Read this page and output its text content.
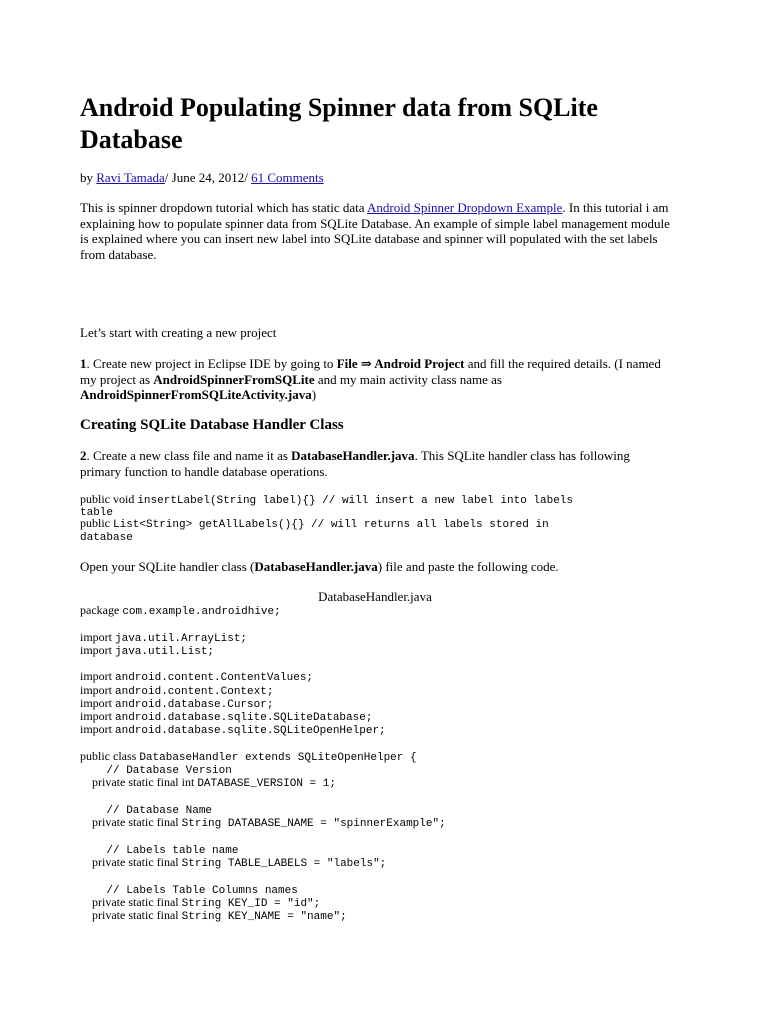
Android Populating Spinner data from SQLite Database
by Ravi Tamada/ June 24, 2012/ 61 Comments
This is spinner dropdown tutorial which has static data Android Spinner Dropdown Example. In this tutorial i am explaining how to populate spinner data from SQLite Database. An example of simple label management module is explained where you can insert new label into SQLite database and spinner will populated with the set labels from database.
Let’s start with creating a new project
1. Create new project in Eclipse IDE by going to File ⇒ Android Project and fill the required details. (I named my project as AndroidSpinnerFromSQLite and my main activity class name as AndroidSpinnerFromSQLiteActivity.java)
Creating SQLite Database Handler Class
2. Create a new class file and name it as DatabaseHandler.java. This SQLite handler class has following primary function to handle database operations.
public void insertLabel(String label){} // will insert a new label into labels
table
public List<String> getAllLabels(){} // will returns all labels stored in
database
Open your SQLite handler class (DatabaseHandler.java) file and paste the following code.
DatabaseHandler.java
package com.example.androidhive;
import java.util.ArrayList;
import java.util.List;
import android.content.ContentValues;
import android.content.Context;
import android.database.Cursor;
import android.database.sqlite.SQLiteDatabase;
import android.database.sqlite.SQLiteOpenHelper;
public class DatabaseHandler extends SQLiteOpenHelper {
// Database Version
private static final int DATABASE_VERSION = 1;
// Database Name
private static final String DATABASE_NAME = "spinnerExample";
// Labels table name
private static final String TABLE_LABELS = "labels";
// Labels Table Columns names
private static final String KEY_ID = "id";
private static final String KEY_NAME = "name";
